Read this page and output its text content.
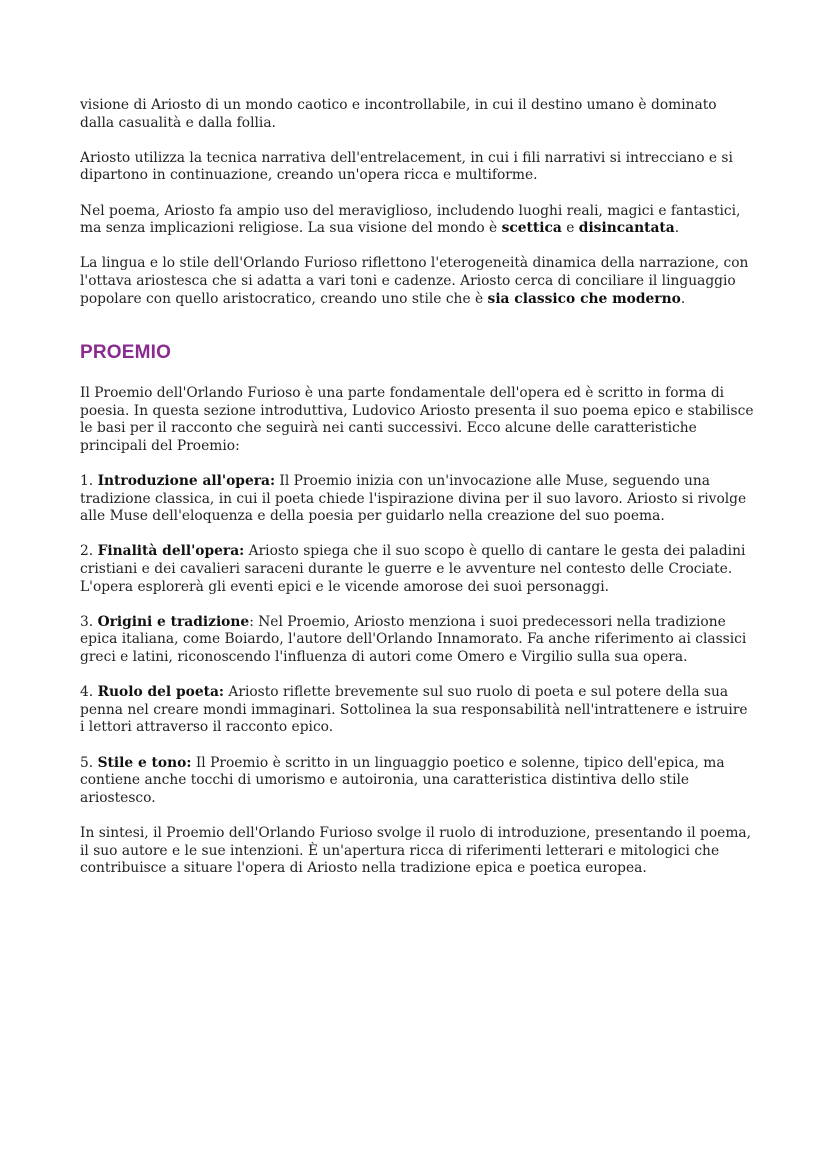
visione di Ariosto di un mondo caotico e incontrollabile, in cui il destino umano è dominato dalla casualità e dalla follia.

Ariosto utilizza la tecnica narrativa dell'entrelacement, in cui i fili narrativi si intrecciano e si dipartono in continuazione, creando un'opera ricca e multiforme.

Nel poema, Ariosto fa ampio uso del meraviglioso, includendo luoghi reali, magici e fantastici, ma senza implicazioni religiose. La sua visione del mondo è scettica e disincantata.

La lingua e lo stile dell'Orlando Furioso riflettono l'eterogeneità dinamica della narrazione, con l'ottava ariostesca che si adatta a vari toni e cadenze. Ariosto cerca di conciliare il linguaggio popolare con quello aristocratico, creando uno stile che è sia classico che moderno.

PROEMIO

Il Proemio dell'Orlando Furioso è una parte fondamentale dell'opera ed è scritto in forma di poesia. In questa sezione introduttiva, Ludovico Ariosto presenta il suo poema epico e stabilisce le basi per il racconto che seguirà nei canti successivi. Ecco alcune delle caratteristiche principali del Proemio:

1. Introduzione all'opera: Il Proemio inizia con un'invocazione alle Muse, seguendo una tradizione classica, in cui il poeta chiede l'ispirazione divina per il suo lavoro. Ariosto si rivolge alle Muse dell'eloquenza e della poesia per guidarlo nella creazione del suo poema.

2. Finalità dell'opera: Ariosto spiega che il suo scopo è quello di cantare le gesta dei paladini cristiani e dei cavalieri saraceni durante le guerre e le avventure nel contesto delle Crociate. L'opera esplorerà gli eventi epici e le vicende amorose dei suoi personaggi.

3. Origini e tradizione: Nel Proemio, Ariosto menziona i suoi predecessori nella tradizione epica italiana, come Boiardo, l'autore dell'Orlando Innamorato. Fa anche riferimento ai classici greci e latini, riconoscendo l'influenza di autori come Omero e Virgilio sulla sua opera.

4. Ruolo del poeta: Ariosto riflette brevemente sul suo ruolo di poeta e sul potere della sua penna nel creare mondi immaginari. Sottolinea la sua responsabilità nell'intrattenere e istruire i lettori attraverso il racconto epico.

5. Stile e tono: Il Proemio è scritto in un linguaggio poetico e solenne, tipico dell'epica, ma contiene anche tocchi di umorismo e autoironia, una caratteristica distintiva dello stile ariostesco.

In sintesi, il Proemio dell'Orlando Furioso svolge il ruolo di introduzione, presentando il poema, il suo autore e le sue intenzioni. È un'apertura ricca di riferimenti letterari e mitologici che contribuisce a situare l'opera di Ariosto nella tradizione epica e poetica europea.
